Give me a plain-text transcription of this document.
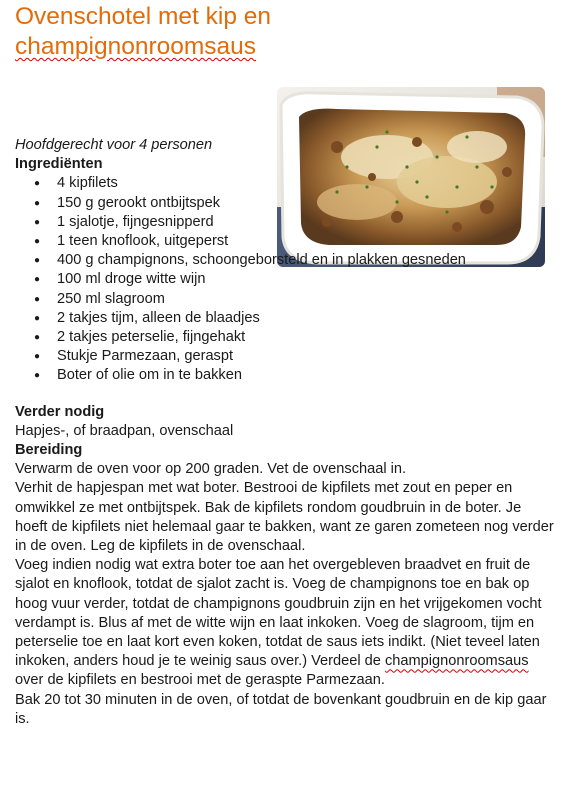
Ovenschotel met kip en
champignonroomsaus

Hoofdgerecht voor 4 personen

Ingrediënten

● 4 kipfilets
● 150 g gerookt ontbijtspek
● 1 sjalotje, fijngesnipperd
● 1 teen knoflook, uitgeperst
● 400 g champignons, schoongeborsteld en in plakken gesneden
● 100 ml droge witte wijn
● 250 ml slagroom
● 2 takjes tijm, alleen de blaadjes
● 2 takjes peterselie, fijngehakt
● Stukje Parmezaan, geraspt
● Boter of olie om in te bakken

Verder nodig

Hapjes-, of braadpan, ovenschaal

Bereiding

Verwarm de oven voor op 200 graden. Vet de ovenschaal in.

Verhit de hapjespan met wat boter. Bestrooi de kipfilets met zout en peper en omwikkel ze met ontbijtspek. Bak de kipfilets rondom goudbruin in de boter. Je hoeft de kipfilets niet helemaal gaar te bakken, want ze garen zometeen nog verder in de oven. Leg de kipfilets in de ovenschaal.

Voeg indien nodig wat extra boter toe aan het overgebleven braadvet en fruit de sjalot en knoflook, totdat de sjalot zacht is. Voeg de champignons toe en bak op hoog vuur verder, totdat de champignons goudbruin zijn en het vrijgekomen vocht verdampt is. Blus af met de witte wijn en laat inkoken. Voeg de slagroom, tijm en peterselie toe en laat kort even koken, totdat de saus iets indikt. (Niet teveel laten inkoken, anders houd je te weinig saus over.) Verdeel de champignonroomsaus over de kipfilets en bestrooi met de geraspte Parmezaan.

Bak 20 tot 30 minuten in de oven, of totdat de bovenkant goudbruin en de kip gaar is.
